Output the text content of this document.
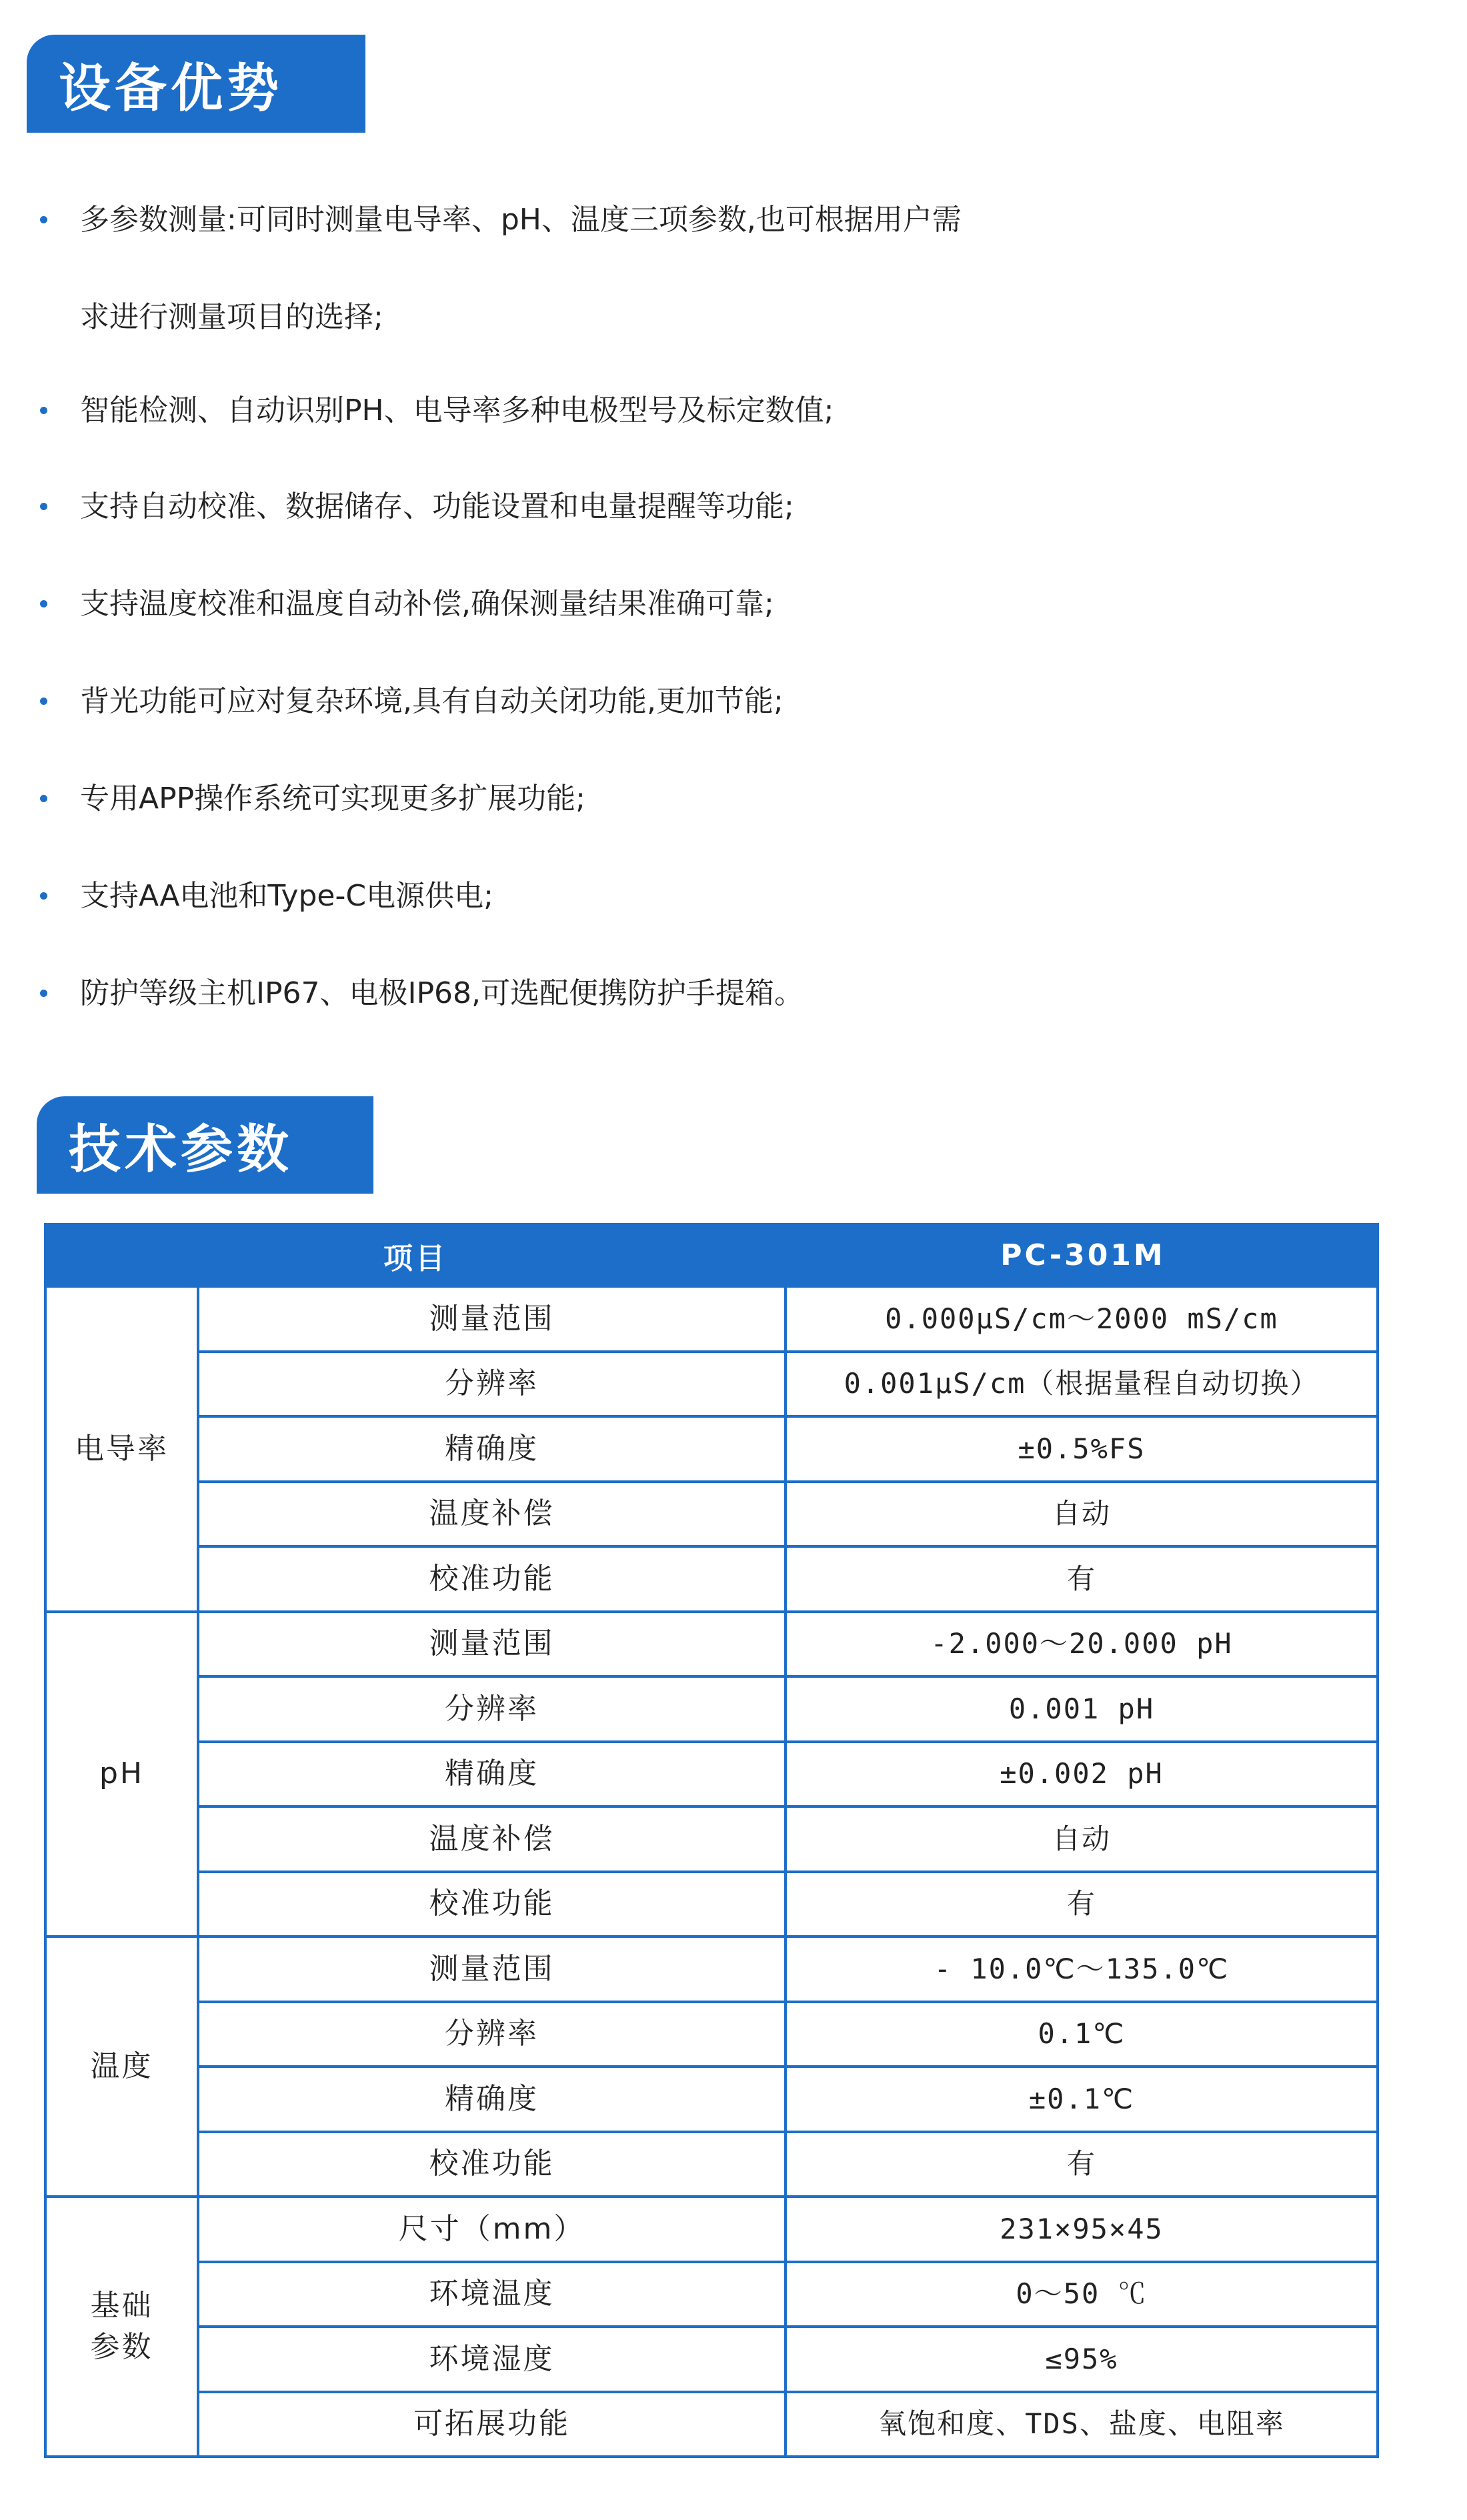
设备优势
多参数测量:可同时测量电导率、pH、温度三项参数,也可根据用户需
求进行测量项目的选择;
智能检测、自动识别PH、电导率多种电极型号及标定数值;
支持自动校准、数据储存、功能设置和电量提醒等功能;
支持温度校准和温度自动补偿,确保测量结果准确可靠;
背光功能可应对复杂环境,具有自动关闭功能,更加节能;
专用APP操作系统可实现更多扩展功能;
支持AA电池和Type-C电源供电;
防护等级主机IP67、电极IP68,可选配便携防护手提箱。
技术参数
项目	PC-301M
电导率
测量范围	0.000μS/cm～2000 mS/cm
分辨率	0.001μS/cm（根据量程自动切换）
精确度	±0.5%FS
温度补偿	自动
校准功能	有
pH
测量范围	-2.000～20.000 pH
分辨率	0.001 pH
精确度	±0.002 pH
温度补偿	自动
校准功能	有
温度
测量范围	- 10.0℃～135.0℃
分辨率	0.1℃
精确度	±0.1℃
校准功能	有
基础
参数
尺寸（mm）	231×95×45
环境温度	0～50 ℃
环境湿度	≤95%
可拓展功能	氧饱和度、TDS、盐度、电阻率
